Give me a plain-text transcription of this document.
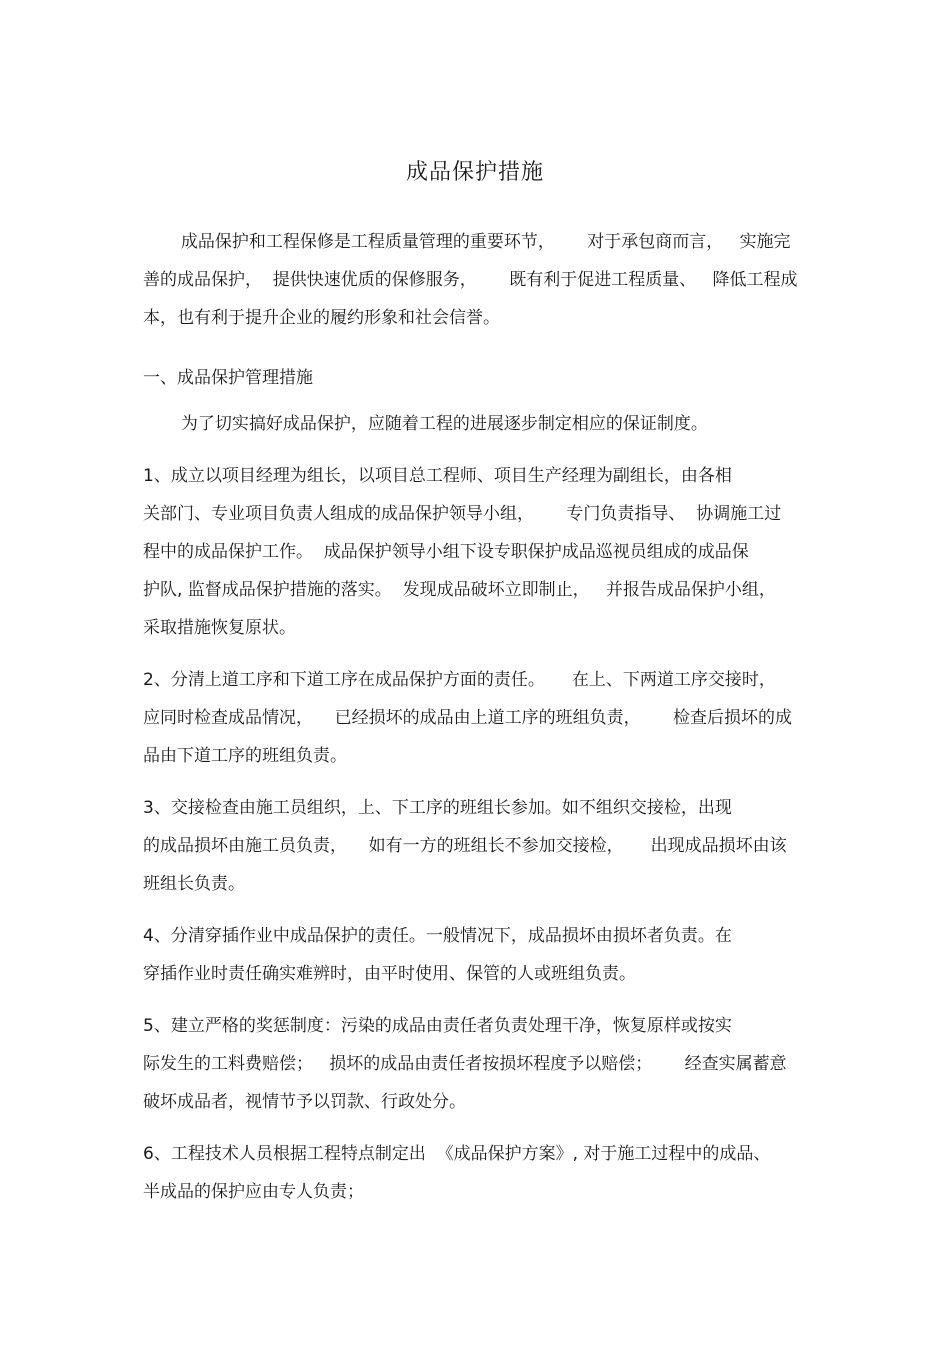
成品保护措施
成品保护和工程保修是工程质量管理的重要环节，      对于承包商而言，   实施完
善的成品保护，  提供快速优质的保修服务，      既有利于促进工程质量、   降低工程成
本，也有利于提升企业的履约形象和社会信誉。
一、成品保护管理措施
为了切实搞好成品保护，应随着工程的进展逐步制定相应的保证制度。
1、成立以项目经理为组长，以项目总工程师、项目生产经理为副组长，由各相
关部门、专业项目负责人组成的成品保护领导小组，      专门负责指导、  协调施工过
程中的成品保护工作。  成品保护领导小组下设专职保护成品巡视员组成的成品保
护队, 监督成品保护措施的落实。  发现成品破坏立即制止，   并报告成品保护小组，
采取措施恢复原状。
2、分清上道工序和下道工序在成品保护方面的责任。     在上、下两道工序交接时，
应同时检查成品情况，    已经损坏的成品由上道工序的班组负责，      检查后损坏的成
品由下道工序的班组负责。
3、交接检查由施工员组织，上、下工序的班组长参加。如不组织交接检，出现
的成品损坏由施工员负责，    如有一方的班组长不参加交接检，     出现成品损坏由该
班组长负责。
4、分清穿插作业中成品保护的责任。一般情况下，成品损坏由损坏者负责。在
穿插作业时责任确实难辨时，由平时使用、保管的人或班组负责。
5、建立严格的奖惩制度：污染的成品由责任者负责处理干净，恢复原样或按实
际发生的工料费赔偿；   损坏的成品由责任者按损坏程度予以赔偿；      经查实属蓄意
破坏成品者，视情节予以罚款、行政处分。
6、工程技术人员根据工程特点制定出  《成品保护方案》, 对于施工过程中的成品、
半成品的保护应由专人负责；
